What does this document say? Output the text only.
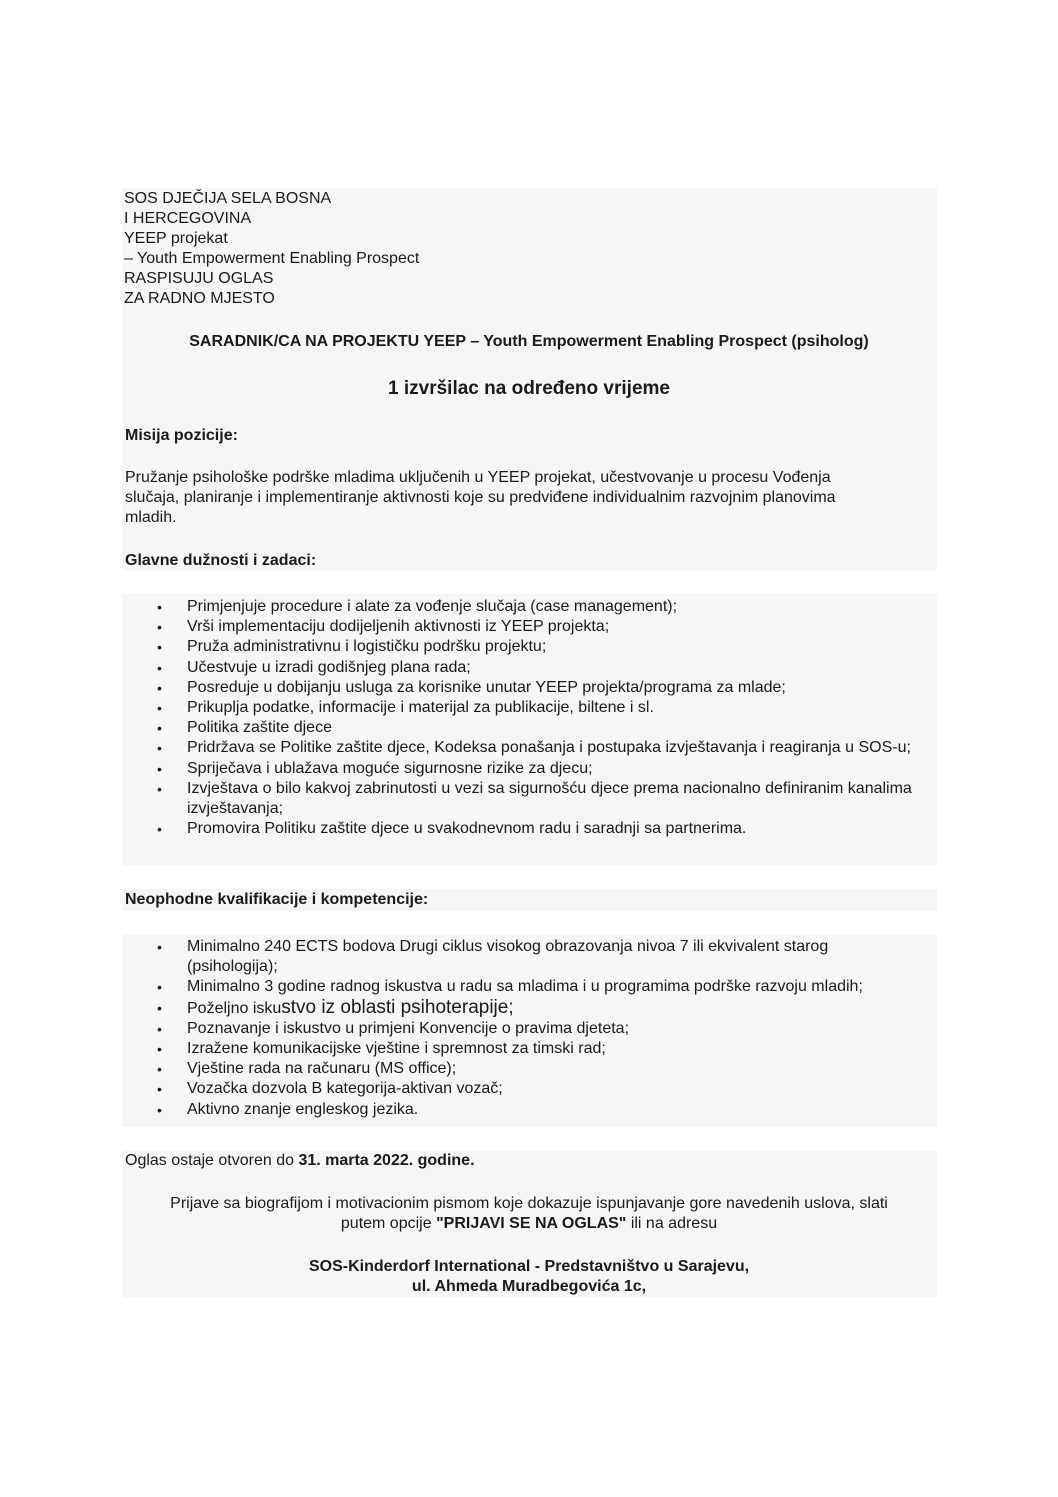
SOS DJEČIJA SELA BOSNA
I HERCEGOVINA
YEEP projekat
– Youth Empowerment Enabling Prospect
RASPISUJU OGLAS
ZA RADNO MJESTO
SARADNIK/CA NA PROJEKTU YEEP – Youth Empowerment Enabling Prospect (psiholog)
1 izvršilac na određeno vrijeme
Misija pozicije:
Pružanje psihološke podrške mladima uključenih u YEEP projekat, učestvovanje u procesu Vođenja
slučaja, planiranje i implementiranje aktivnosti koje su predviđene individualnim razvojnim planovima
mladih.
Glavne dužnosti i zadaci:
• Primjenjuje procedure i alate za vođenje slučaja (case management);
• Vrši implementaciju dodijeljenih aktivnosti iz YEEP projekta;
• Pruža administrativnu i logističku podršku projektu;
• Učestvuje u izradi godišnjeg plana rada;
• Posreduje u dobijanju usluga za korisnike unutar YEEP projekta/programa za mlade;
• Prikuplja podatke, informacije i materijal za publikacije, biltene i sl.
• Politika zaštite djece
• Pridržava se Politike zaštite djece, Kodeksa ponašanja i postupaka izvještavanja i reagiranja u SOS-u;
• Spriječava i ublažava moguće sigurnosne rizike za djecu;
• Izvještava o bilo kakvoj zabrinutosti u vezi sa sigurnošću djece prema nacionalno definiranim kanalima izvještavanja;
• Promovira Politiku zaštite djece u svakodnevnom radu i saradnji sa partnerima.
Neophodne kvalifikacije i kompetencije:
• Minimalno 240 ECTS bodova Drugi ciklus visokog obrazovanja nivoa 7 ili ekvivalent starog (psihologija);
• Minimalno 3 godine radnog iskustva u radu sa mladima i u programima podrške razvoju mladih;
• Poželjno iskustvo iz oblasti psihoterapije;
• Poznavanje i iskustvo u primjeni Konvencije o pravima djeteta;
• Izražene komunikacijske vještine i spremnost za timski rad;
• Vještine rada na računaru (MS office);
• Vozačka dozvola B kategorija-aktivan vozač;
• Aktivno znanje engleskog jezika.
Oglas ostaje otvoren do 31. marta 2022. godine.
Prijave sa biografijom i motivacionim pismom koje dokazuje ispunjavanje gore navedenih uslova, slati
putem opcije "PRIJAVI SE NA OGLAS" ili na adresu
SOS-Kinderdorf International - Predstavništvo u Sarajevu,
ul. Ahmeda Muradbegovića 1c,
